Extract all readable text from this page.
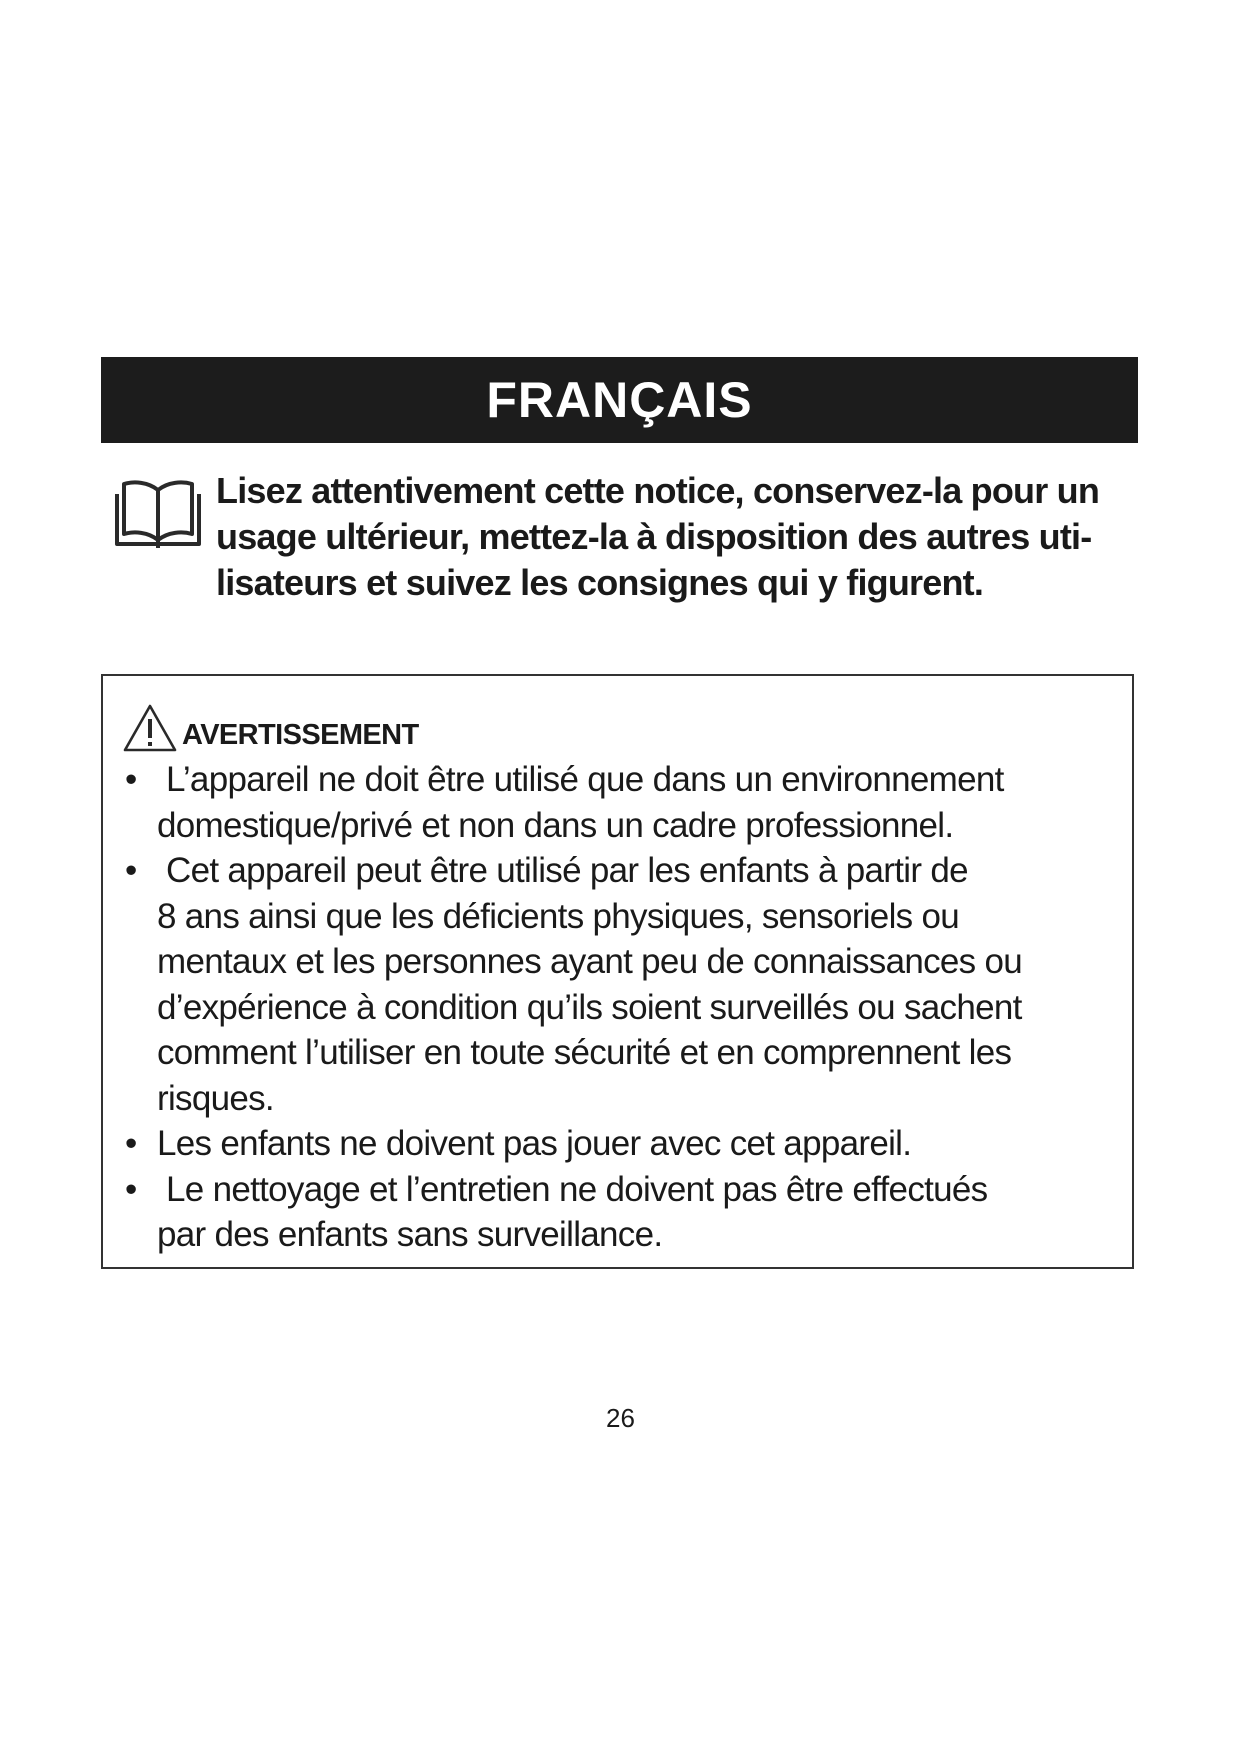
FRANÇAIS
Lisez attentivement cette notice, conservez-la pour un
usage ultérieur, mettez-la à disposition des autres uti-
lisateurs et suivez les consignes qui y figurent.
AVERTISSEMENT
• L’appareil ne doit être utilisé que dans un environnement
domestique/privé et non dans un cadre professionnel.
• Cet appareil peut être utilisé par les enfants à partir de
8 ans ainsi que les déficients physiques, sensoriels ou
mentaux et les personnes ayant peu de connaissances ou
d’expérience à condition qu’ils soient surveillés ou sachent
comment l’utiliser en toute sécurité et en comprennent les
risques.
• Les enfants ne doivent pas jouer avec cet appareil.
• Le nettoyage et l’entretien ne doivent pas être effectués
par des enfants sans surveillance.
26
